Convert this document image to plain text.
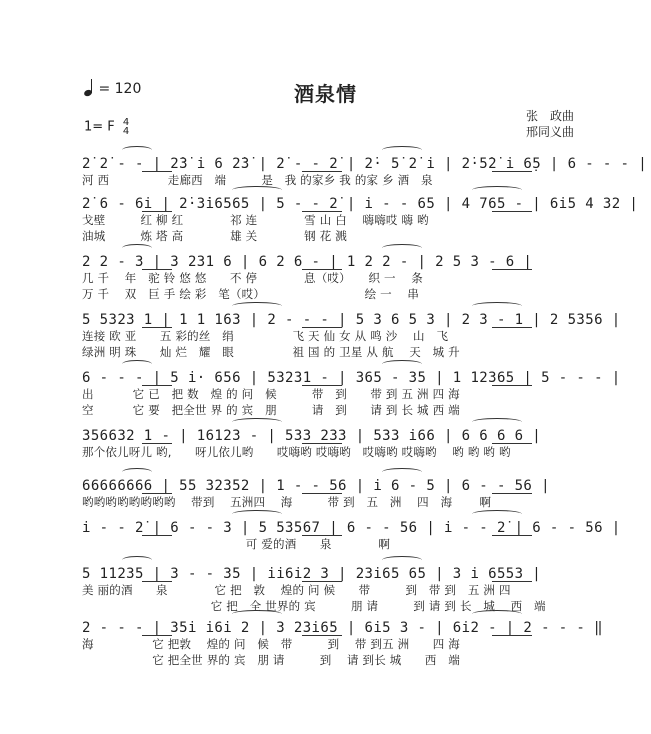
= 120	酒泉情
1= F 4
4
张　政曲
邢同义曲
2̇ 2̇ - - | 2̇3̇ i 6 2̇3̇ | 2̇ - - 2̇ | 2̇· 5̇ 2̇ i | 2̇·5̇2̇ i 6̣5 | 6 - - - |
河 西　　　　　走廊西　端　　　是　我 的家乡 我 的家 乡 酒　泉
2̇ 6 - 6i | 2̇·3̇i6565 | 5 - - 2̇ | i - - 65 | 4 765 - | 6i5 4 32 |
戈壁　　　红 柳 红　　　　祁 连　　　　雪 山 白　 嗨嗨哎 嗨 哟
油城　　　炼 塔 高　　　　雄 关　　　　钢 花 溅
2 2 - 3 | 3 231 6 | 6 2 6 - | 1 2 2 - | 2 5 3 - 6 |
几 千　 年　驼 铃 悠 悠　　不 停　　　　息（哎）　　织 一　 条
万 千　 双　巨 手 绘 彩　笔（哎）　　　　　　　　　绘 一　 串
5 5323 1 | 1 1 163 | 2 - - - | 5 3 6 5 3 | 2 3 - 1 | 2 5356 |
连接 欧 亚　　五 彩的丝　绢　　　　　飞 天 仙 女 从 鸣 沙　 山　飞
绿洲 明 珠　　灿 烂　耀　眼　　　　　祖 国 的 卫星 从 航　 天　城 升
6 - - - | 5 i· 656 | 53231 - | 365 - 35 | 1 12365 | 5 - - - |
出　　　 它 已　把 数　煌 的 问　候　　　带　到　　带 到 五 洲 四 海
空　　　 它 要　把全世 界 的 宾　朋　　　请　到　　请 到 长 城 西 端
356632 1 - | 16123 - | 533 233 | 533 i66 | 6 6 6 6 |
那个依儿呀儿 哟,　　呀儿依儿哟　　哎嗨哟 哎嗨哟　哎嗨哟 哎嗨哟　 哟 哟 哟 哟
66666666 | 55 32352 | 1 - - 56 | i 6 - 5 | 6 - - 56 |
哟哟哟哟哟哟哟哟　 带到　 五洲四　 海　　　带 到　五　洲　 四　海　　 啊
i - - 2̇ | 6 - - 3 | 5 53567 | 6 - - 56 | i - - 2̇ | 6 - - 56 |
　　　　　　　　　　　　　　可 爱的酒　　泉　　　　啊
5 11235 | 3 - - 35 | ii6i2 3 | 23i65 65 | 3 i 6553 |
美 丽的酒　　泉　　　　它 把　敦　 煌的 问 候　　带　　　到　带 到　五 洲 四
　　　　　　　　　　　它 把　全 世界的 宾　　　朋 请　　　到 请 到 长　城　 西　端
2 - - - | 35i i6i 2 | 3 23i65 | 6i5 3 - | 6i2 - | 2 - - - ‖
海　　　　　它 把敦　 煌的 问　候　带　　　到　 带 到五 洲　　四 海
　　　　　　它 把全世 界的 宾　朋 请　　　到　 请 到长 城　　西　端
